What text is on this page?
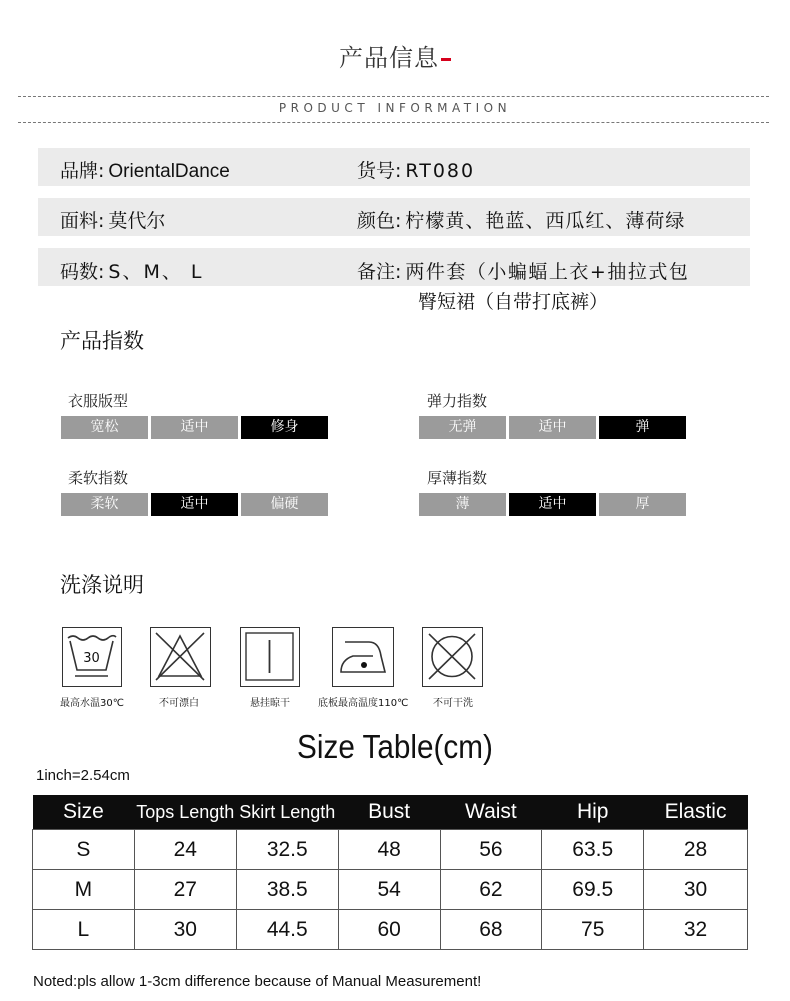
产品信息
PRODUCT INFORMATION
品牌: OrientalDance	货号: RT080
面料: 莫代尔	颜色: 柠檬黄、艳蓝、西瓜红、薄荷绿
码数: S、M、 L	备注: 两件套（小蝙蝠上衣+抽拉式包
臀短裙（自带打底裤）
产品指数
衣服版型
宽松	适中	修身
弹力指数
无弹	适中	弹
柔软指数
柔软	适中	偏硬
厚薄指数
薄	适中	厚
洗涤说明
30
最高水温30℃	不可漂白	悬挂晾干	底板最高温度110℃ 不可干洗
Size Table(cm)
1inch=2.54cm
Size	Tops Length	Skirt Length	Bust	Waist	Hip	Elastic
S	24	32.5	48	56	63.5	28
M	27	38.5	54	62	69.5	30
L	30	44.5	60	68	75	32
Noted:pls allow 1-3cm difference because of Manual Measurement!
